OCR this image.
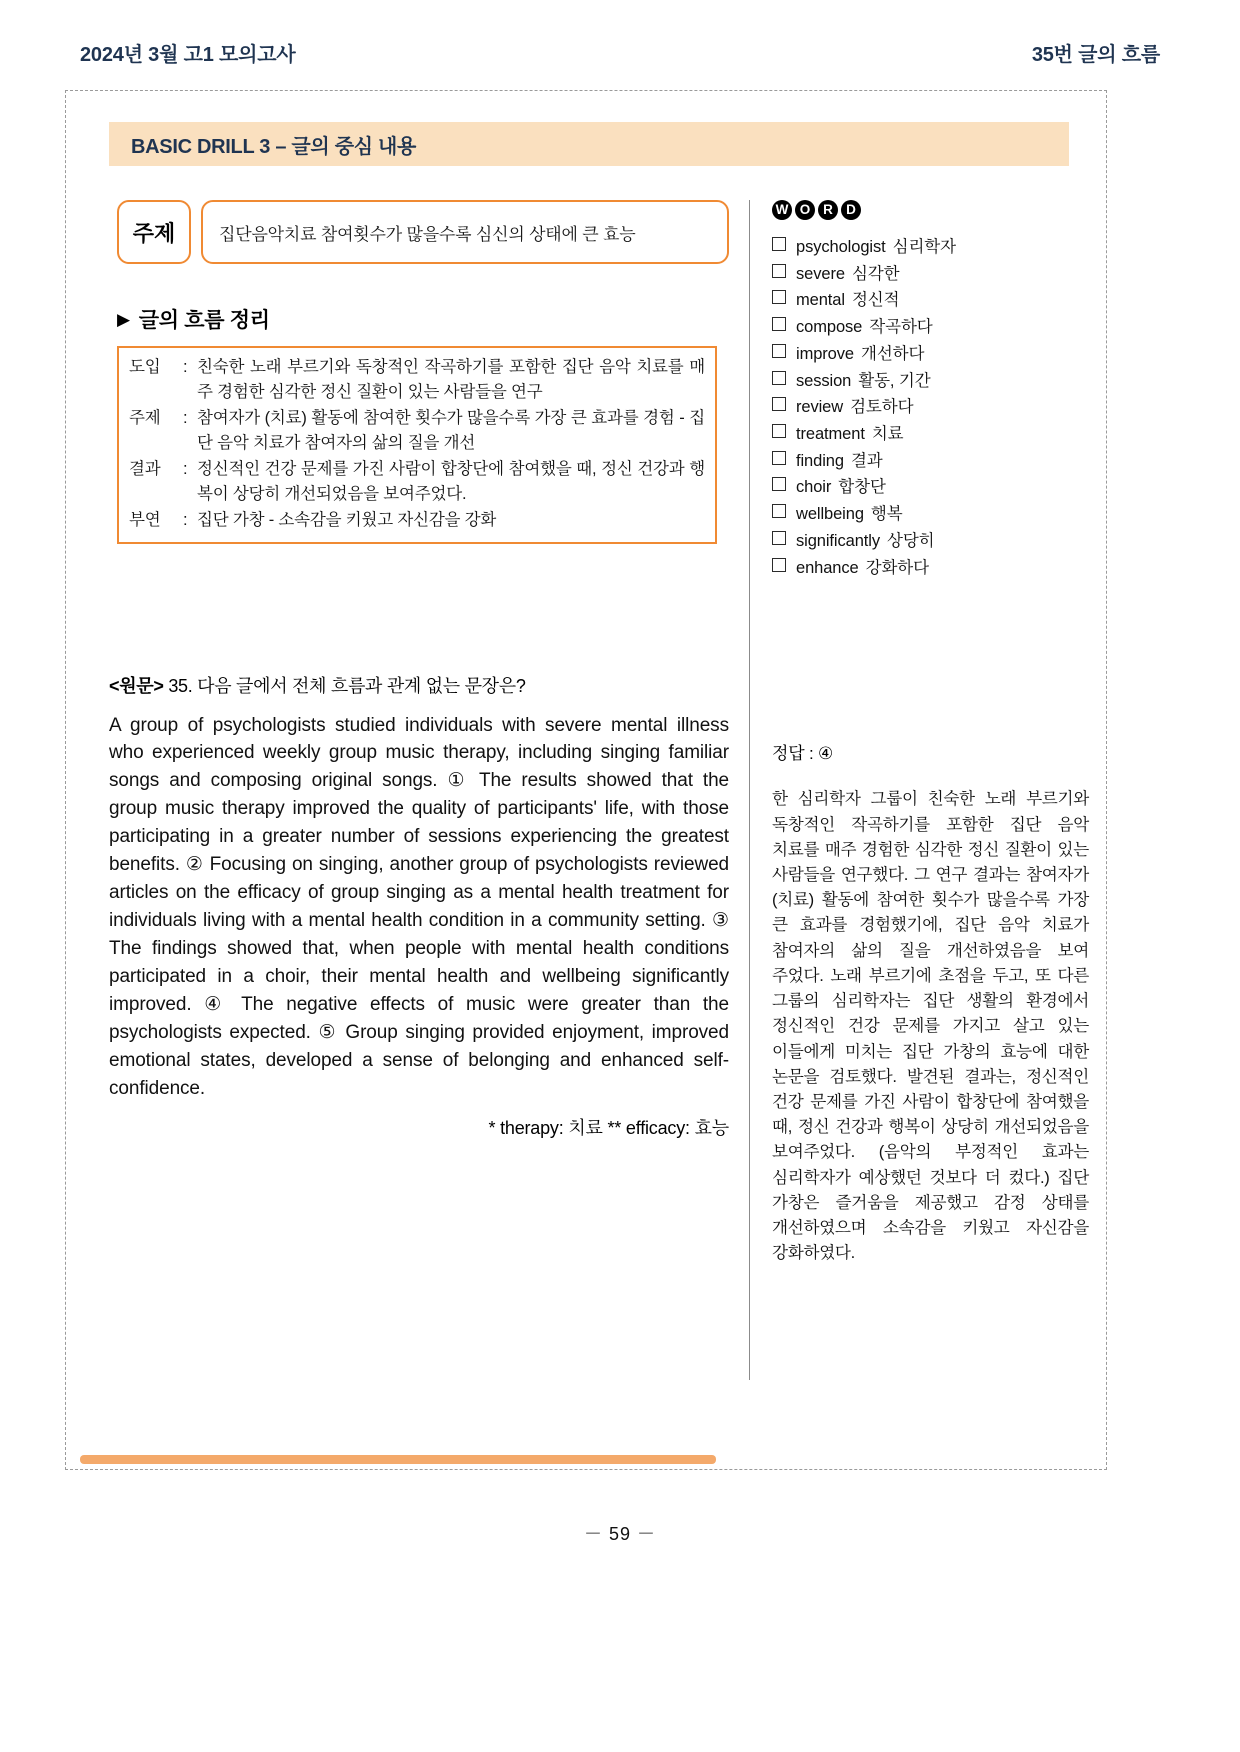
2024년 3월 고1 모의고사	35번 글의 흐름
BASIC DRILL 3 – 글의 중심 내용
주제	집단음악치료 참여횟수가 많을수록 심신의 상태에 큰 효능
▶ 글의 흐름 정리
도입	: 친숙한 노래 부르기와 독창적인 작곡하기를 포함한 집단 음악 치료를 매주 경험한 심각한 정신 질환이 있는 사람들을 연구
주제	: 참여자가 (치료) 활동에 참여한 횟수가 많을수록 가장 큰 효과를 경험 - 집단 음악 치료가 참여자의 삶의 질을 개선
결과	: 정신적인 건강 문제를 가진 사람이 합창단에 참여했을 때, 정신 건강과 행복이 상당히 개선되었음을 보여주었다.
부연	: 집단 가창 - 소속감을 키웠고 자신감을 강화
<원문> 35. 다음 글에서 전체 흐름과 관계 없는 문장은?
A group of psychologists studied individuals with severe mental illness who experienced weekly group music therapy, including singing familiar songs and composing original songs. ① The results showed that the group music therapy improved the quality of participants' life, with those participating in a greater number of sessions experiencing the greatest benefits. ② Focusing on singing, another group of psychologists reviewed articles on the efficacy of group singing as a mental health treatment for individuals living with a mental health condition in a community setting. ③ The findings showed that, when people with mental health conditions participated in a choir, their mental health and wellbeing significantly improved. ④ The negative effects of music were greater than the psychologists expected. ⑤ Group singing provided enjoyment, improved emotional states, developed a sense of belonging and enhanced self-confidence.
* therapy: 치료 ** efficacy: 효능
W O R D
psychologist 심리학자
severe 심각한
mental 정신적
compose 작곡하다
improve 개선하다
session 활동, 기간
review 검토하다
treatment 치료
finding 결과
choir 합창단
wellbeing 행복
significantly 상당히
enhance 강화하다
정답 : ④
한 심리학자 그룹이 친숙한 노래 부르기와 독창적인 작곡하기를 포함한 집단 음악 치료를 매주 경험한 심각한 정신 질환이 있는 사람들을 연구했다. 그 연구 결과는 참여자가 (치료) 활동에 참여한 횟수가 많을수록 가장 큰 효과를 경험했기에, 집단 음악 치료가 참여자의 삶의 질을 개선하였음을 보여 주었다. 노래 부르기에 초점을 두고, 또 다른 그룹의 심리학자는 집단 생활의 환경에서 정신적인 건강 문제를 가지고 살고 있는 이들에게 미치는 집단 가창의 효능에 대한 논문을 검토했다. 발견된 결과는, 정신적인 건강 문제를 가진 사람이 합창단에 참여했을 때, 정신 건강과 행복이 상당히 개선되었음을 보여주었다. (음악의 부정적인 효과는 심리학자가 예상했던 것보다 더 컸다.) 집단 가창은 즐거움을 제공했고 감정 상태를 개선하였으며 소속감을 키웠고 자신감을 강화하였다.
－ 59 －
